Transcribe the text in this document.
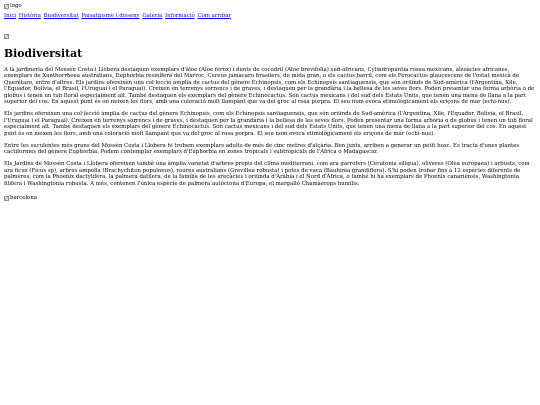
logo
Inici Història Biodiversitat Paisatgisme i disseny Galeria Informació Com arribar
Biodiversitat

A la jardineria del Mossèn Costa i Llobera destaquen exemplars d'àloe (Aloe ferox) i dents de cocodril (Aloe brevifolia) sud-africans, Cylindropuntia rosea mexicans, alzoàcies africanes, exemplars de Xanthorrhoea australians, Euphorbia resinífera del Marroc, Cereus jamacaru brasilers, de mida gran, o els cactus barril, com els Ferocactus glaucescens de l'estat mexicà de Querétaro, entre d'altres. Els jardins ofereixen una col·lecció àmplia de cactus del gènere Echinopsis, com els Echinopsis santiaguensis, que són oriünds de Sud-amèrica (l'Argentina, Xile, l'Equador, Bolívia, el Brasil, l'Uruguai i el Paraguai). Creixen en terrenys sorrencs i de graves, i destaquen per la grandària i la bellesa de les seves flors. Poden presentar una forma arbòria o de globus i tenen un tub floral especialment alt. També destaquen els exemplars del gènere Echinocactus. Són cactus mexicans i del sud dels Estats Units, que tenen una mena de llana a la part superior del cos. En aquest punt és on neixen les flors, amb una coloració molt llampant que va del groc al rosa porpra. El seu nom evoca etimològicament els eriçons de mar (echi-nus).

Els jardins ofereixen una col·lecció àmplia de cactus del gènere Echinopsis, com els Echinopsis santiaguensis, que són oriünds de Sud-amèrica (l'Argentina, Xile, l'Equador, Bolívia, el Brasil, l'Uruguai i el Paraguai). Creixen en terrenys sorrencs i de graves, i destaquen per la grandària i la bellesa de les seves flors. Poden presentar una forma arbòria o de globus i tenen un tub floral especialment alt. També destaquen els exemplars del gènere Echinocactus. Són cactus mexicans i del sud dels Estats Units, que tenen una mena de llana a la part superior del cos. En aquest punt és on neixen les flors, amb una coloració molt llampant que va del groc al rosa porpra. El seu nom evoca etimològicament els eriçons de mar (echi-nus).

Entre les suculentes més grans del Mossèn Costa i Llobera hi trobem exemplars adults de més de cinc metres d'alçària. Ben junts, arriben a generar un petit bosc. Es tracta d'unes plantes cactiformes del gènere Euphorbia. Podem contemplar exemplars d'Euphorbia en zones tropicals i subtropicals de l'Àfrica o Madagascar.

Els Jardins de Mossèn Costa i Llobera ofereixen també una àmplia varietat d'arbres propis del clima mediterrani, com ara garrofers (Ceratonia siliqua), oliveres (Olea europaea) i arbusts, com ara ficus (Ficus sp), arbres ampolla (Brachychiton populneus), roures australians (Grevillea robusta) i potes de vaca (Bauhinia grandiflora). S'hi poden trobar fins a 12 espècies diferents de palmeres, com la Phoenix dactylifera, la palmera datilera, de la família de les arecàcies i oriünda d'Aràbia i el Nord d'Àfrica, o també hi ha exemplars de Phoenix canariensis, Washingtonia filifera i Washingtonia robusta. A més, contenen l'única espècie de palmera autòctona d'Europa, el margalló Chamaerops humilis.

barcelona
